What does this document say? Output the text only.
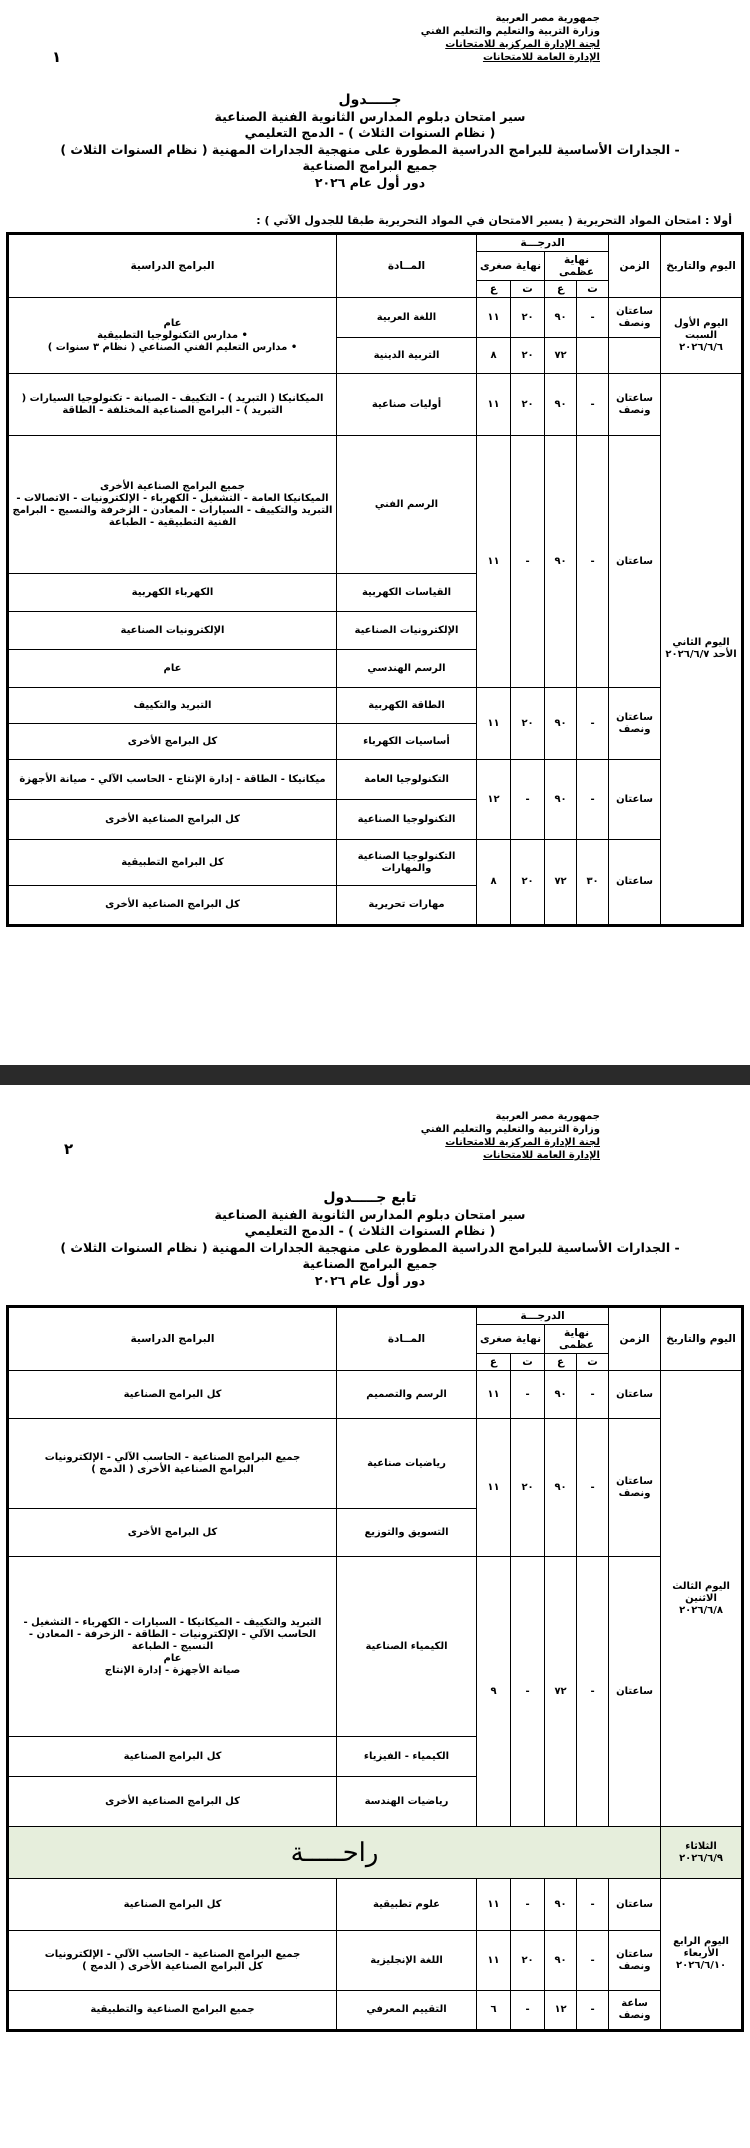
١
جمهورية مصر العربية
وزارة التربية والتعليم والتعليم الفني
لجنة الإدارة المركزية للامتحانات
الإدارة العامة للامتحانات
جـــــدول
سير امتحان دبلوم المدارس الثانوية الفنية الصناعية
( نظام السنوات الثلاث ) - الدمج التعليمي
- الجدارات الأساسية للبرامج الدراسية المطورة على منهجية الجدارات المهنية ( نظام السنوات الثلاث )
جميع البرامج الصناعية
دور أول عام ٢٠٢٦
أولا : امتحان المواد التحريرية ( يسير الامتحان في المواد التحريرية طبقا للجدول الآتي ) :
اليوم والتاريخ	الزمن	الدرجـــة				المــادة	البرامج الدراسية
		نهاية عظمى		نهاية صغرى			
		ت	ع	ت	ع		
اليوم الأول السبت ٢٠٢٦/٦/٦	ساعتان ونصف	-	٩٠	٢٠	١١	اللغة العربية	عام
• مدارس التكنولوجيا التطبيقية
• مدارس التعليم الفني الصناعي ( نظام ٣ سنوات )
			٧٢	٢٠	٨	التربية الدينية	
اليوم الثاني الأحد ٢٠٢٦/٦/٧	ساعتان ونصف	-	٩٠	٢٠	١١	أوليات صناعية	الميكانيكا ( التبريد ) - التكييف - الصيانة - تكنولوجيا السيارات ( التبريد ) - البرامج الصناعية المختلفة - الطاقة
	ساعتان	-	٩٠	-	١١	الرسم الفني	جميع البرامج الصناعية الأخرى
الميكانيكا العامة - التشغيل - الكهرباء - الإلكترونيات - الاتصالات - التبريد والتكييف - السيارات - المعادن - الزخرفة والنسيج - البرامج الفنية التطبيقية - الطباعة
						القياسات الكهربية	الكهرباء الكهربية
						الإلكترونيات الصناعية	الإلكترونيات الصناعية
						الرسم الهندسي	عام
	ساعتان ونصف	-	٩٠	٢٠	١١	الطاقة الكهربية	التبريد والتكييف
						أساسيات الكهرباء	كل البرامج الأخرى
	ساعتان	-	٩٠	-	١٢	التكنولوجيا العامة	ميكانيكا - الطاقة - إدارة الإنتاج - الحاسب الآلي - صيانة الأجهزة
						التكنولوجيا الصناعية	كل البرامج الصناعية الأخرى
	ساعتان	٣٠	٧٢	٢٠	٨	التكنولوجيا الصناعية والمهارات	كل البرامج التطبيقية
						مهارات تحريرية	كل البرامج الصناعية الأخرى
٢
جمهورية مصر العربية
وزارة التربية والتعليم والتعليم الفني
لجنة الإدارة المركزية للامتحانات
الإدارة العامة للامتحانات
تابع جـــــدول
سير امتحان دبلوم المدارس الثانوية الفنية الصناعية
( نظام السنوات الثلاث ) - الدمج التعليمي
- الجدارات الأساسية للبرامج الدراسية المطورة على منهجية الجدارات المهنية ( نظام السنوات الثلاث )
جميع البرامج الصناعية
دور أول عام ٢٠٢٦
اليوم والتاريخ	الزمن	الدرجـــة				المــادة	البرامج الدراسية
		نهاية عظمى		نهاية صغرى			
		ت	ع	ت	ع		
اليوم الثالث الاثنين ٢٠٢٦/٦/٨	ساعتان	-	٩٠	-	١١	الرسم والتصميم	كل البرامج الصناعية
	ساعتان ونصف	-	٩٠	٢٠	١١	رياضيات صناعية	جميع البرامج الصناعية - الحاسب الآلي - الإلكترونيات
البرامج الصناعية الأخرى ( الدمج )
						التسويق والتوزيع	كل البرامج الأخرى
	ساعتان	-	٧٢	-	٩	الكيمياء الصناعية	التبريد والتكييف - الميكانيكا - السيارات - الكهرباء - التشغيل - الحاسب الآلي - الإلكترونيات - الطاقة - الزخرفة - المعادن - النسيج - الطباعة
عام
صيانة الأجهزة - إدارة الإنتاج
						الكيمياء - الفيزياء	كل البرامج الصناعية
						رياضيات الهندسة	كل البرامج الصناعية الأخرى
الثلاثاء ٢٠٢٦/٦/٩	راحـــــة						
اليوم الرابع الأربعاء ٢٠٢٦/٦/١٠	ساعتان	-	٩٠	-	١١	علوم تطبيقية	كل البرامج الصناعية
	ساعتان ونصف	-	٩٠	٢٠	١١	اللغة الإنجليزية	جميع البرامج الصناعية - الحاسب الآلي - الإلكترونيات
كل البرامج الصناعية الأخرى ( الدمج )
	ساعة ونصف	-	١٢	-	٦	التقييم المعرفي	جميع البرامج الصناعية والتطبيقية
